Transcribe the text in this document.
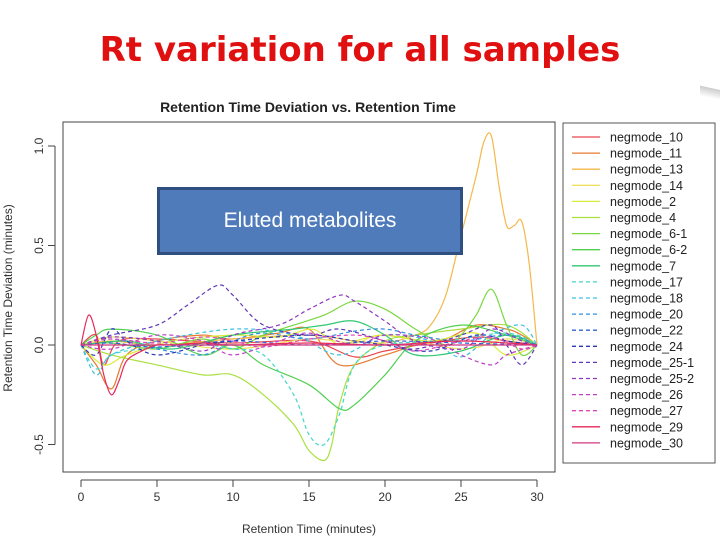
Rt variation for all samples
Retention Time Deviation vs. Retention Time
0	5	10	15	20	25	30
-0.5
0.0
0.5
1.0
Retention Time (minutes)
Retention Time Deviation (minutes)
negmode_10
negmode_11
negmode_13
negmode_14
negmode_2
negmode_4
negmode_6-1
negmode_6-2
negmode_7
negmode_17
negmode_18
negmode_20
negmode_22
negmode_24
negmode_25-1
negmode_25-2
negmode_26
negmode_27
negmode_29
negmode_30
Eluted metabolites
